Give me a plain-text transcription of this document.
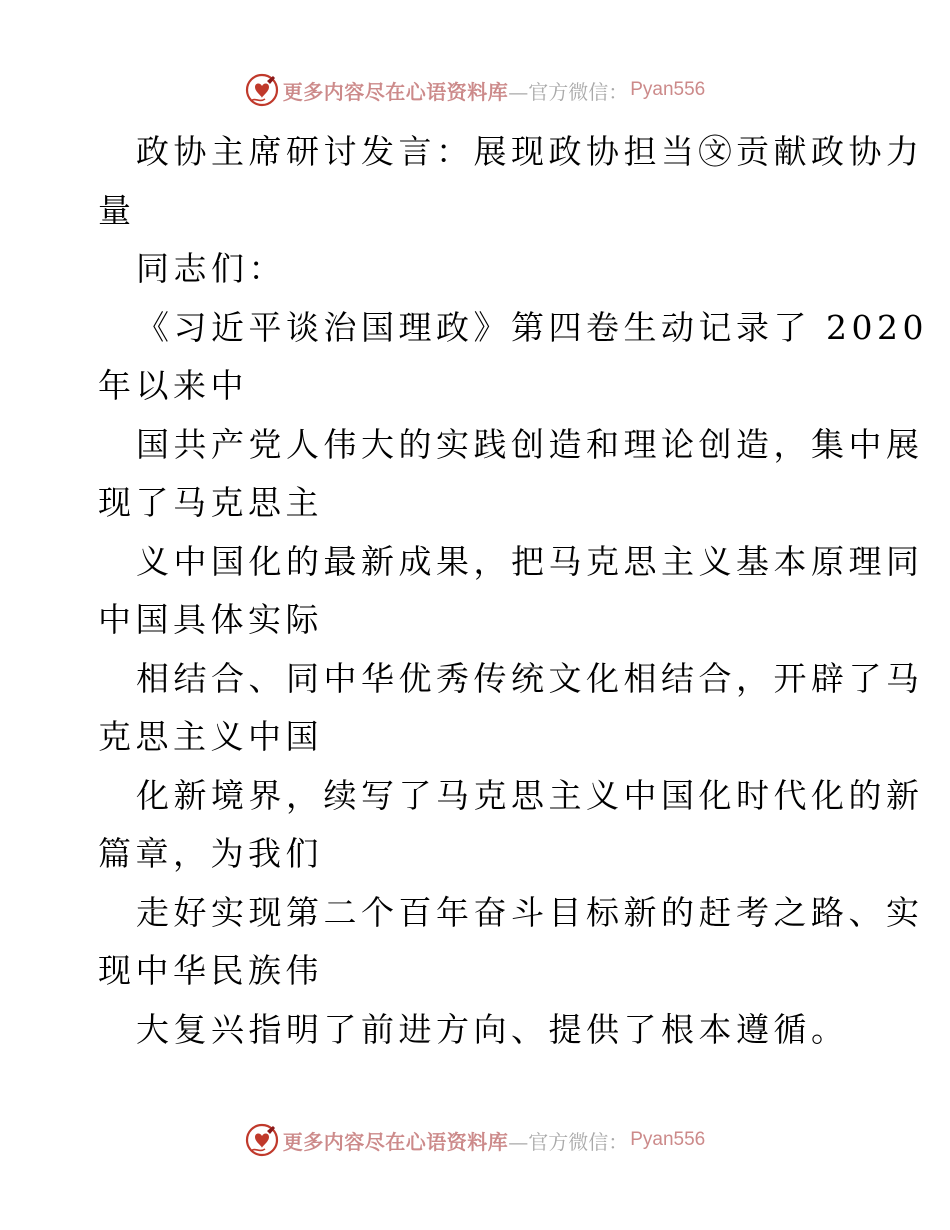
更多内容尽在心语资料库 —官方微信： Pyan556
政协主席研讨发言：展现政协担当㉆贡献政协力
量
同志们：
《习近平谈治国理政》第四卷生动记录了 2020
年以来中
国共产党人伟大的实践创造和理论创造，集中展
现了马克思主
义中国化的最新成果，把马克思主义基本原理同
中国具体实际
相结合、同中华优秀传统文化相结合，开辟了马
克思主义中国
化新境界，续写了马克思主义中国化时代化的新
篇章，为我们
走好实现第二个百年奋斗目标新的赶考之路、实
现中华民族伟
大复兴指明了前进方向、提供了根本遵循。
更多内容尽在心语资料库 —官方微信： Pyan556
